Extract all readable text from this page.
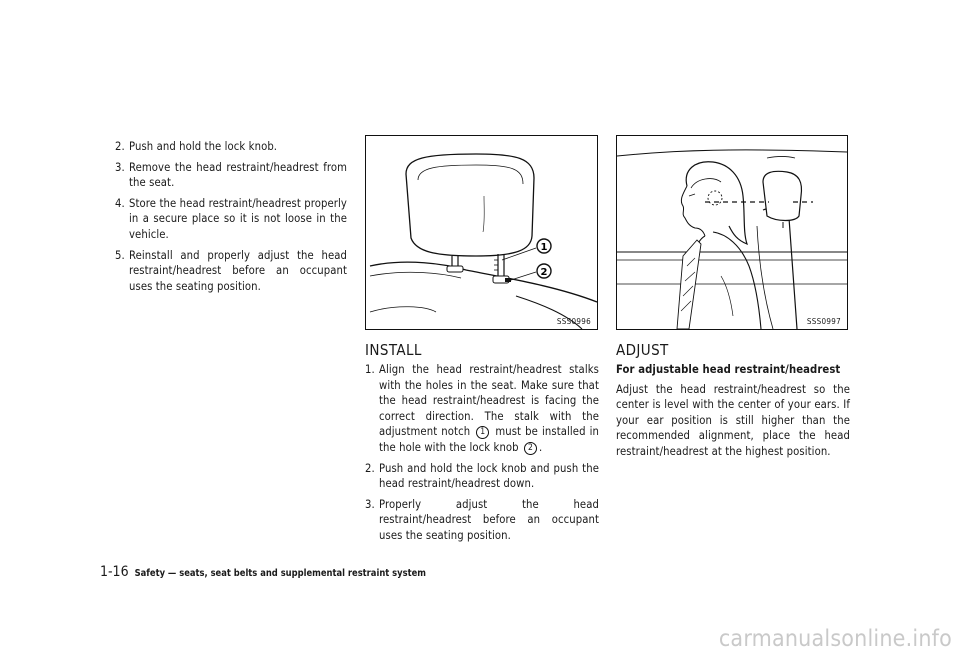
2. Push and hold the lock knob.
3. Remove the head restraint/headrest from the seat.
4. Store the head restraint/headrest properly in a secure place so it is not loose in the vehicle.
5. Reinstall and properly adjust the head restraint/headrest before an occupant uses the seating position.
1
2
SSS0996	SSS0997
INSTALL
1. Align the head restraint/headrest stalks with the holes in the seat. Make sure that the head restraint/headrest is facing the correct direction. The stalk with the adjustment notch 1 must be installed in the hole with the lock knob 2 .
2. Push and hold the lock knob and push the head restraint/headrest down.
3. Properly adjust the head restraint/headrest before an occupant uses the seating position.
ADJUST
For adjustable head restraint/headrest
Adjust the head restraint/headrest so the center is level with the center of your ears. If your ear position is still higher than the recommended alignment, place the head restraint/headrest at the highest position.
1-16 Safety — seats, seat belts and supplemental restraint system
carmanualsonline.info
